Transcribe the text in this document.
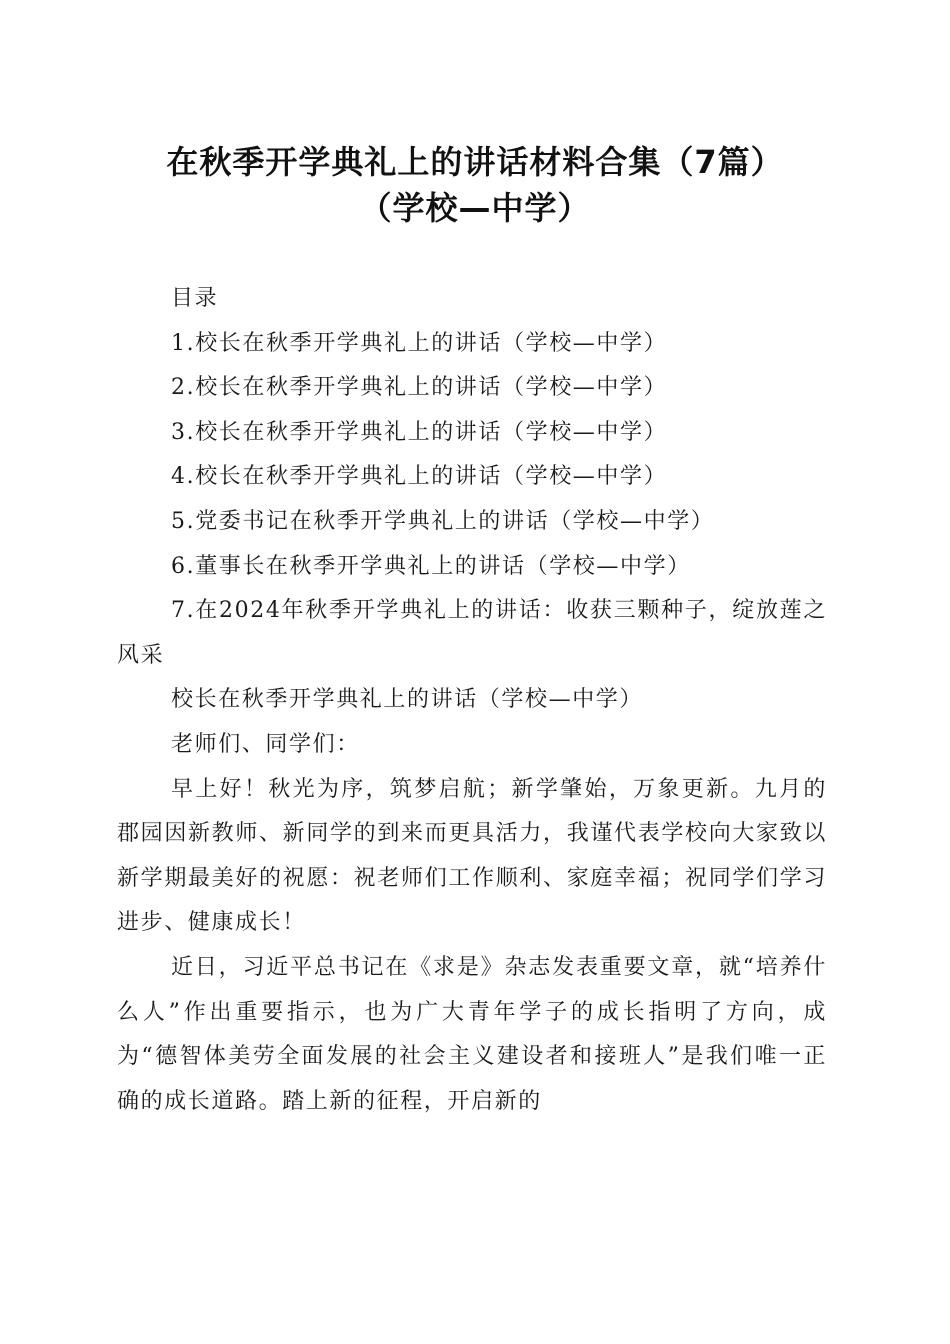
在秋季开学典礼上的讲话材料合集（7篇）
（学校—中学）

目录

1.校长在秋季开学典礼上的讲话（学校—中学）

2.校长在秋季开学典礼上的讲话（学校—中学）

3.校长在秋季开学典礼上的讲话（学校—中学）

4.校长在秋季开学典礼上的讲话（学校—中学）

5.党委书记在秋季开学典礼上的讲话（学校—中学）

6.董事长在秋季开学典礼上的讲话（学校—中学）

7.在2024年秋季开学典礼上的讲话：收获三颗种子，绽放莲之风采

校长在秋季开学典礼上的讲话（学校—中学）

老师们、同学们：

早上好！秋光为序，筑梦启航；新学肇始，万象更新。九月的郡园因新教师、新同学的到来而更具活力，我谨代表学校向大家致以新学期最美好的祝愿：祝老师们工作顺利、家庭幸福；祝同学们学习进步、健康成长！

近日，习近平总书记在《求是》杂志发表重要文章，就“培养什么人”作出重要指示，也为广大青年学子的成长指明了方向，成为“德智体美劳全面发展的社会主义建设者和接班人”是我们唯一正确的成长道路。踏上新的征程，开启新的
